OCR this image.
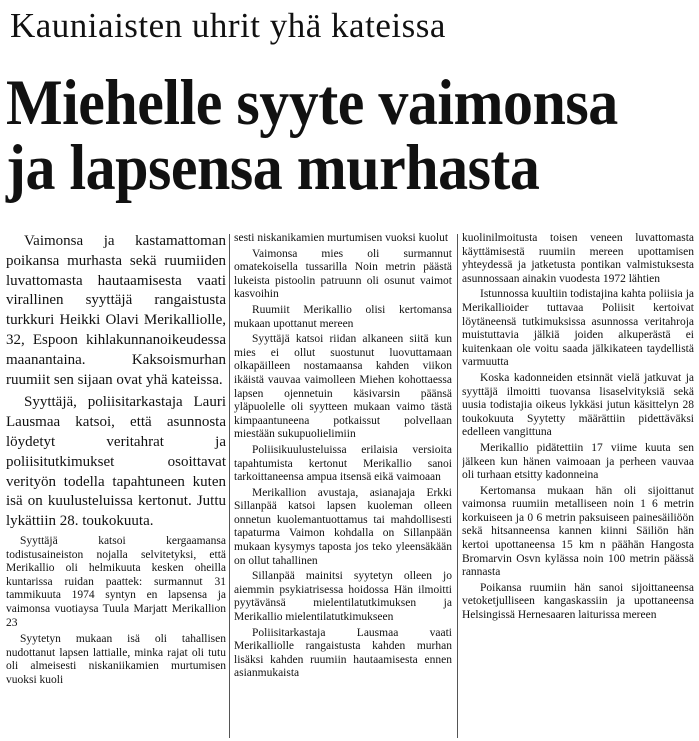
Kauniaisten uhrit yhä kateissa
Miehelle syyte vaimonsa
ja lapsensa murhasta

Vaimonsa ja kastamattoman poikansa murhasta sekä ruumiiden luvattomasta hautaamisesta vaati virallinen syyttäjä rangaistusta turkkuri Heikki Olavi Merikalliolle, 32, Espoon kihlakunnanoikeudessa maanantaina. Kaksoismurhan ruumiit sen sijaan ovat yhä kateissa.

Syyttäjä, poliisitarkastaja Lauri Lausmaa katsoi, että asunnosta löydetyt veritahrat ja poliisitutkimukset osoittavat verityön todella tapahtuneen kuten isä on kuulusteluissa kertonut. Juttu lykättiin 28. toukokuuta.

Syyttäjä katsoi kergaamansa todistusaineiston nojalla selvitetyksi, että Merikallio oli helmikuuta kesken oheilla kuntarissa ruidan paattek: surmannut 31 tammikuuta 1974 syntyn en lapsensa ja vaimonsa vuotiaysa Tuula Marjatt Merikallion 23

Syytetyn mukaan isä oli tahallisen nudottanut lapsen lattialle, minka rajat oli tutu oli almeisesti niskaniikamien murtumisen vuoksi kuoli

sesti niskanikamien murtumisen vuoksi kuolut

Vaimonsa mies oli surmannut omatekoisella tussarilla Noin metrin päästä lukeista pistoolin patruunn oli osunut vaimot kasvoihin

Ruumiit Merikallio olisi kertomansa mukaan upottanut mereen

Syyttäjä katsoi riidan alkaneen siitä kun mies ei ollut suostunut luovuttamaan olkapäilleen nostamaansa kahden viikon ikäistä vauvaa vaimolleen Miehen kohottaessa lapsen ojennetuin käsivarsin päänsä yläpuolelle oli syytteen mukaan vaimo tästä kimpaantuneena potkaissut polvellaan miestään sukupuolielimiin

Poliisikuulusteluissa erilaisia versioita tapahtumista kertonut Merikallio sanoi tarkoittaneensa ampua itsensä eikä vaimoaan

Merikallion avustaja, asianajaja Erkki Sillanpää katsoi lapsen kuoleman olleen onnetun kuolemantuottamus tai mahdollisesti tapaturma Vaimon kohdalla on Sillanpään mukaan kysymys taposta jos teko yleensäkään on ollut tahallinen

Sillanpää mainitsi syytetyn olleen jo aiemmin psykiatrisessa hoidossa Hän ilmoitti pyytävänsä mielentilatutkimuksen ja Merikallio mielentilatutkimukseen

Poliisitarkastaja Lausmaa vaati Merikalliolle rangaistusta kahden murhan lisäksi kahden ruumiin hautaamisesta ennen asianmukaista

kuolinilmoitusta toisen veneen luvattomasta käyttämisestä ruumiin mereen upottamisen yhteydessä ja jatketusta pontikan valmistuksesta asunnossaan ainakin vuodesta 1972 lähtien

Istunnossa kuultiin todistajina kahta poliisia ja Merikallioider tuttavaa Poliisit kertoivat löytäneensä tutkimuksissa asunnossa veritahroja muistuttavia jälkiä joiden alkuperästä ei kuitenkaan ole voitu saada jälkikateen taydellistä varmuutta

Koska kadonneiden etsinnät vielä jatkuvat ja syyttäjä ilmoitti tuovansa lisaselvityksiä sekä uusia todistajia oikeus lykkäsi jutun käsittelyn 28 toukokuuta Syytetty määrättiin pidettäväksi edelleen vangittuna

Merikallio pidätettiin 17 viime kuuta sen jälkeen kun hänen vaimoaan ja perheen vauvaa oli turhaan etsitty kadonneina

Kertomansa mukaan hän oli sijoittanut vaimonsa ruumiin metalliseen noin 1 6 metrin korkuiseen ja 0 6 metrin paksuiseen painesäiliöön sekä hitsanneensa kannen kiinni Säiliön hän kertoi upottaneensa 15 km n päähän Hangosta Bromarvin Osvn kylässa noin 100 metrin päässä rannasta

Poikansa ruumiin hän sanoi sijoittaneensa vetoketjulliseen kangaskassiin ja upottaneensa Helsingissä Hernesaaren laiturissa mereen
